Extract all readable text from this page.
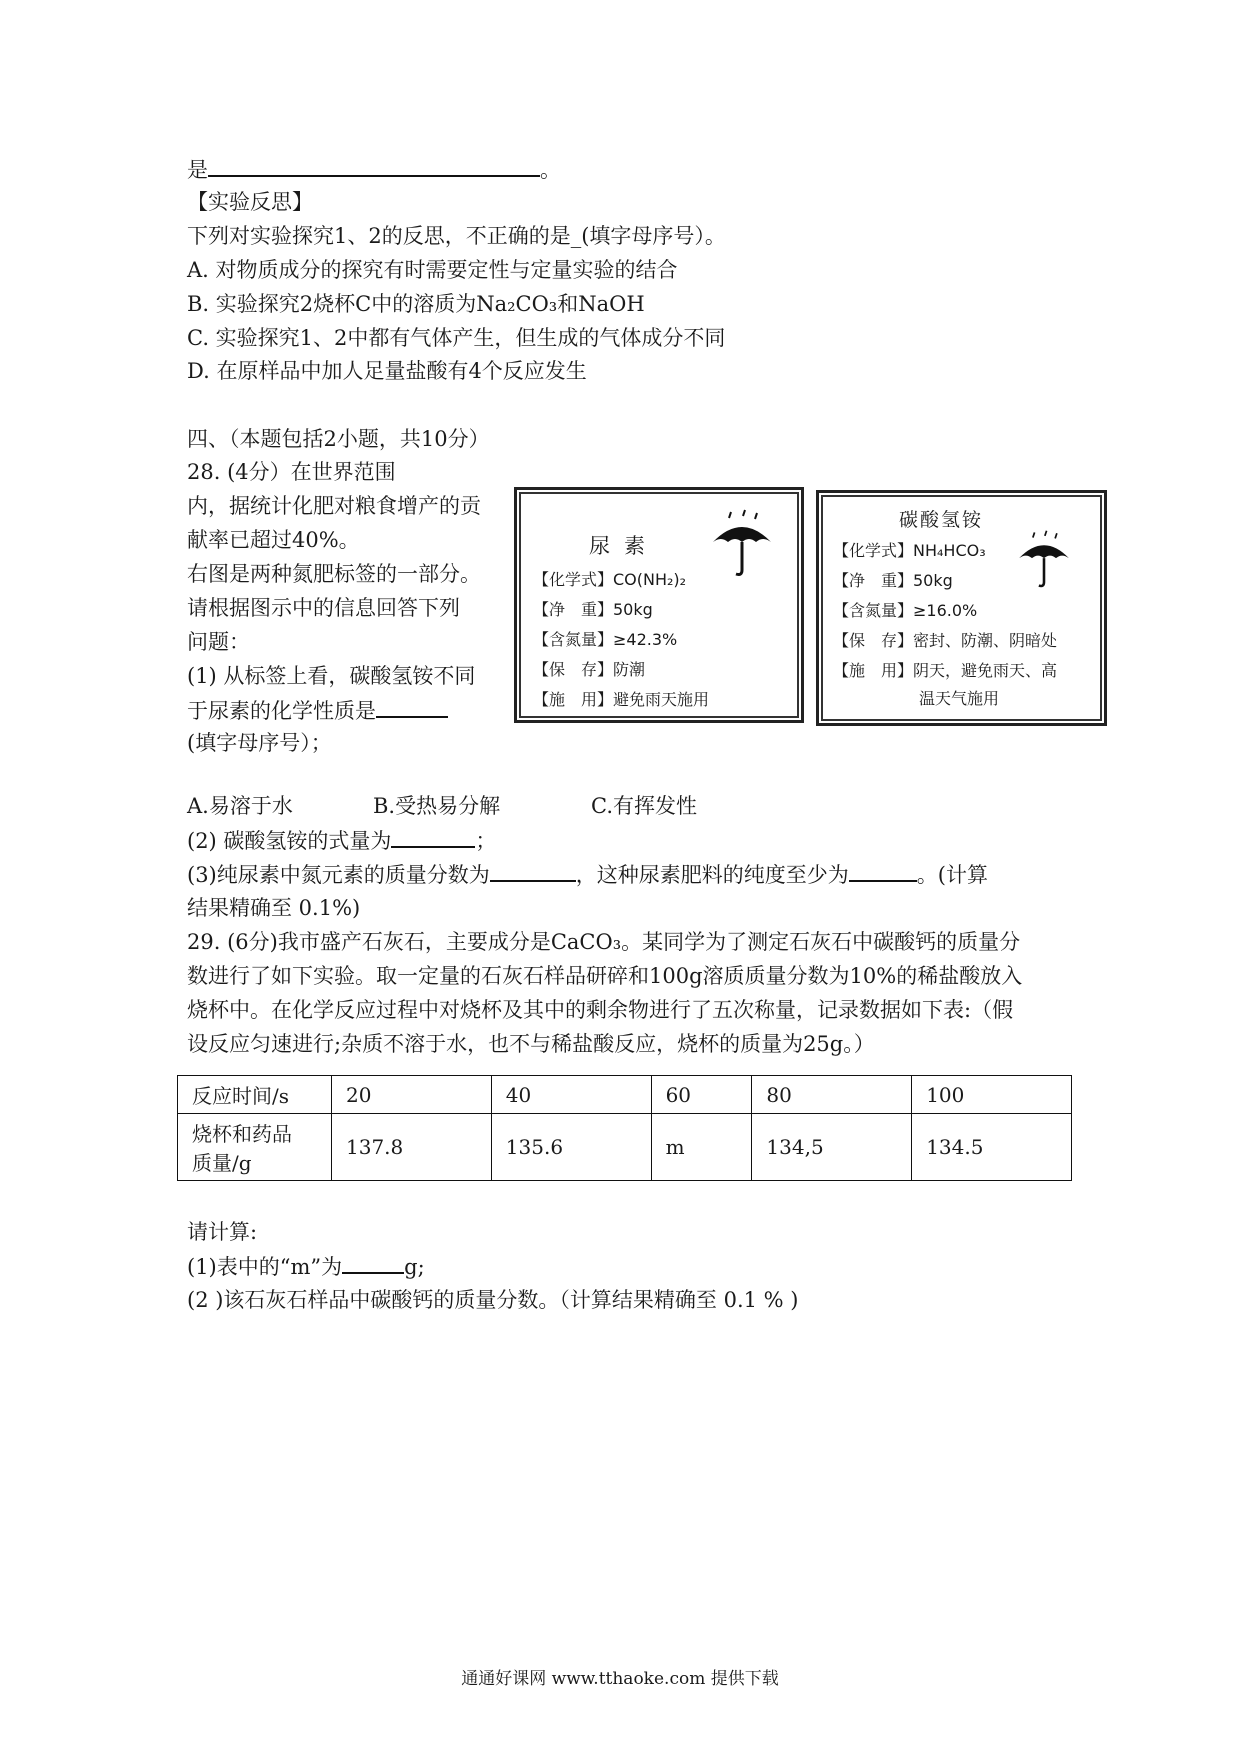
是	。
【实验反思】
下列对实验探究1、2的反思，不正确的是_(填字母序号）。
A. 对物质成分的探究有时需要定性与定量实验的结合
B. 实验探究2烧杯C中的溶质为Na₂CO₃和NaOH
C. 实验探究1、2中都有气体产生，但生成的气体成分不同
D. 在原样品中加人足量盐酸有4个反应发生
四、（本题包括2小题，共10分）
28. (4分）在世界范围
内，据统计化肥对粮食增产的贡
献率已超过40%。
右图是两种氮肥标签的一部分。
请根据图示中的信息回答下列
问题：
(1) 从标签上看，碳酸氢铵不同
于尿素的化学性质是
(填字母序号）；
尿素
【化学式】CO(NH₂)₂
【净　重】50kg
【含氮量】≥42.3%
【保　存】防潮
【施　用】避免雨天施用
碳酸氢铵
【化学式】NH₄HCO₃
【净　重】50kg
【含氮量】≥16.0%
【保　存】密封、防潮、阴暗处
【施　用】阴天，避免雨天、高
温天气施用
A.易溶于水	B.受热易分解	C.有挥发性
(2) 碳酸氢铵的式量为	；
(3)纯尿素中氮元素的质量分数为	，这种尿素肥料的纯度至少为	。(计算
结果精确至 0.1%)
29. (6分)我市盛产石灰石，主要成分是CaCO₃。某同学为了测定石灰石中碳酸钙的质量分
数进行了如下实验。取一定量的石灰石样品研碎和100g溶质质量分数为10%的稀盐酸放入
烧杯中。在化学反应过程中对烧杯及其中的剩余物进行了五次称量，记录数据如下表:（假
设反应匀速进行;杂质不溶于水，也不与稀盐酸反应，烧杯的质量为25g。）
反应时间/s	20	40	60	80	100

烧杯和药品
质量/g	137.8	135.6	m	134,5	134.5
请计算:
(1)表中的“m”为	g;
(2 )该石灰石样品中碳酸钙的质量分数。（计算结果精确至 0.1 % )
通通好课网 www.tthaoke.com 提供下载
